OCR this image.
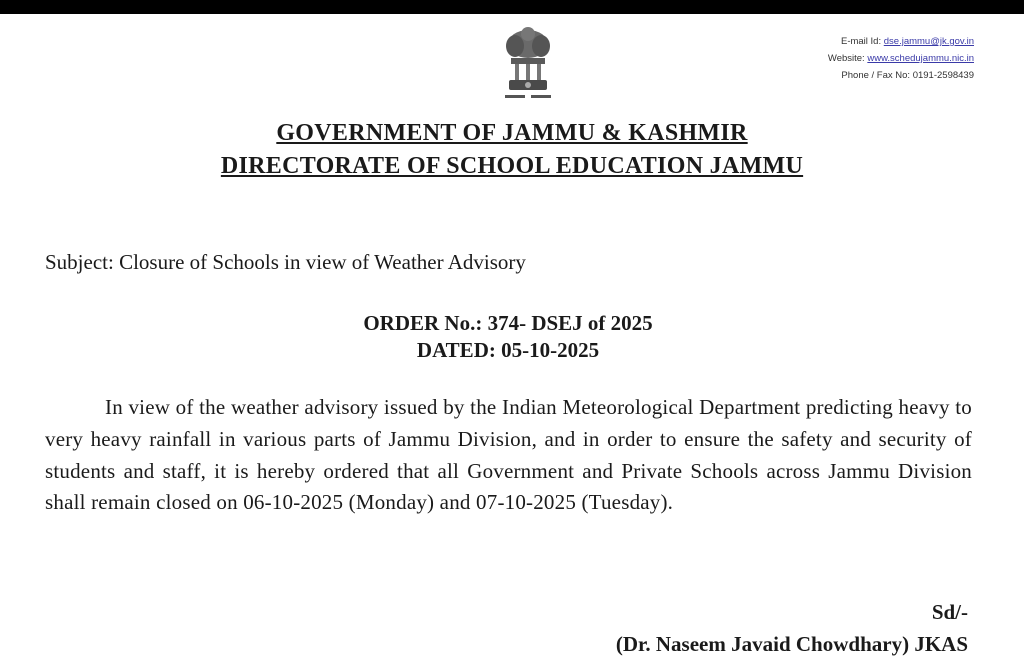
E-mail Id: dse.jammu@jk.gov.in
Website: www.schedujammu.nic.in
Phone / Fax No: 0191-2598439
GOVERNMENT OF JAMMU & KASHMIR
DIRECTORATE OF SCHOOL EDUCATION JAMMU
Subject: Closure of Schools in view of Weather Advisory
ORDER No.: 374- DSEJ of 2025
DATED: 05-10-2025

In view of the weather advisory issued by the Indian Meteorological Department predicting heavy to very heavy rainfall in various parts of Jammu Division, and in order to ensure the safety and security of students and staff, it is hereby ordered that all Government and Private Schools across Jammu Division shall remain closed on 06-10-2025 (Monday) and 07-10-2025 (Tuesday).

Sd/-
(Dr. Naseem Javaid Chowdhary) JKAS
